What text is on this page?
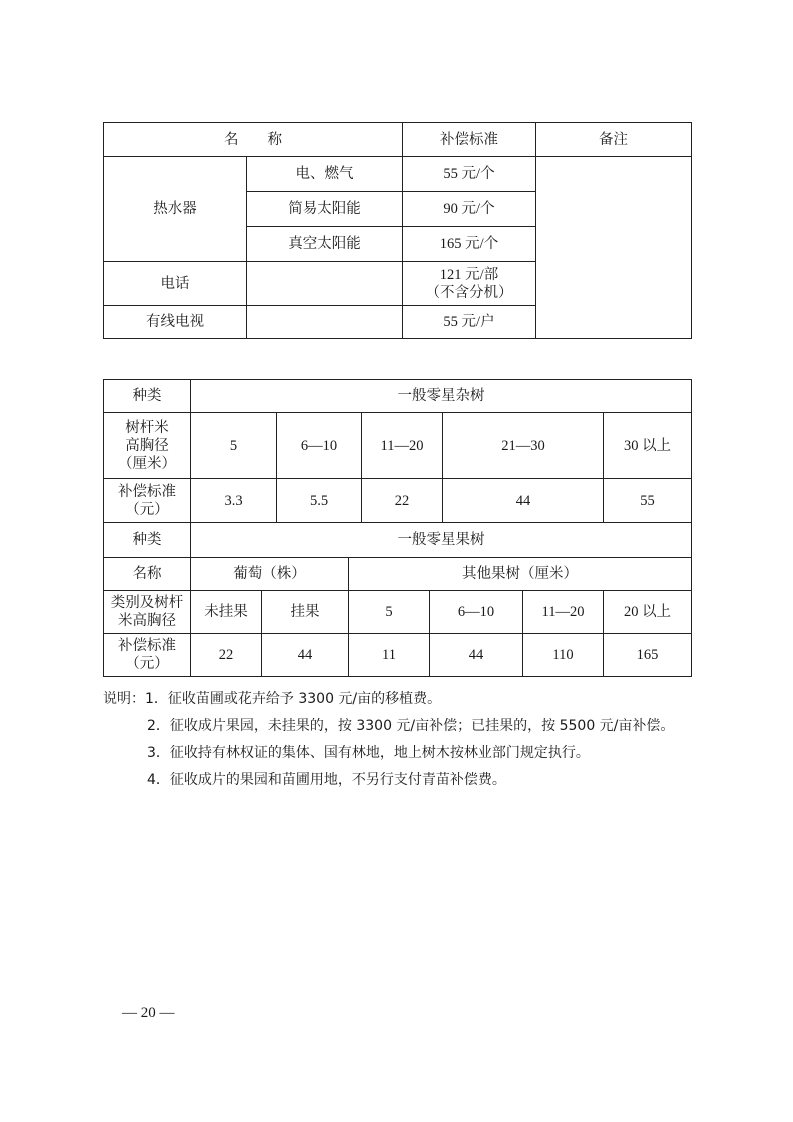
名　　称		补偿标准	备注
热水器	电、燃气	55 元/个	
	简易太阳能	90 元/个	
	真空太阳能	165 元/个	
电话		121 元/部
（不含分机）	

有线电视		55 元/户	
种类	一般零星杂树								

树杆米
高胸径
（厘米）	5		6—10		11—20		21—30		30 以上

补偿标准
（元）	3.3		5.5		22		44		55
种类	一般零星果树								
名称	葡萄（株）			其他果树（厘米）					

类别及树杆
米高胸径	未挂果	挂果		5		6—10		11—20	20 以上

补偿标准
（元）	22	44		11		44		110	165
说明：1．征收苗圃或花卉给予 3300 元/亩的移植费。
2．征收成片果园，未挂果的，按 3300 元/亩补偿；已挂果的，按 5500 元/亩补偿。
3．征收持有林权证的集体、国有林地，地上树木按林业部门规定执行。
4．征收成片的果园和苗圃用地，不另行支付青苗补偿费。
— 20 —
